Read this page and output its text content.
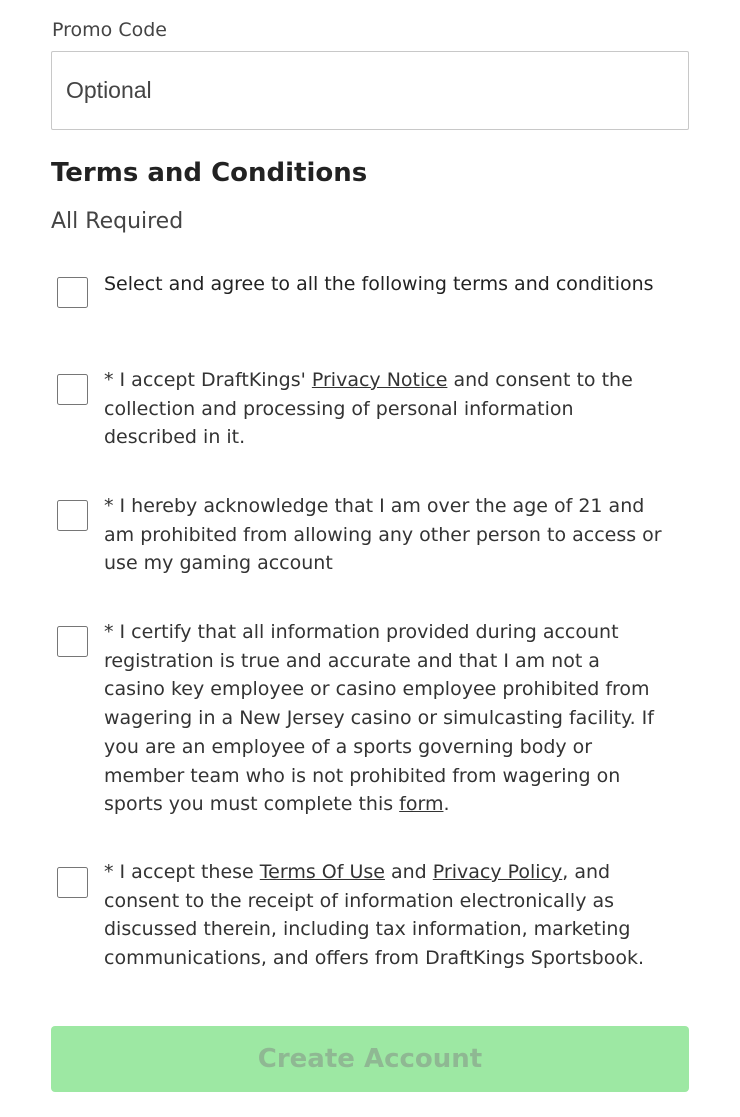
Promo Code
Optional
Terms and Conditions
All Required
Select and agree to all the following terms and conditions
* I accept DraftKings' Privacy Notice and consent to the collection and processing of personal information described in it.
* I hereby acknowledge that I am over the age of 21 and am prohibited from allowing any other person to access or use my gaming account
* I certify that all information provided during account registration is true and accurate and that I am not a casino key employee or casino employee prohibited from wagering in a New Jersey casino or simulcasting facility. If you are an employee of a sports governing body or member team who is not prohibited from wagering on sports you must complete this form.
* I accept these Terms Of Use and Privacy Policy, and consent to the receipt of information electronically as discussed therein, including tax information, marketing communications, and offers from DraftKings Sportsbook.
Create Account
